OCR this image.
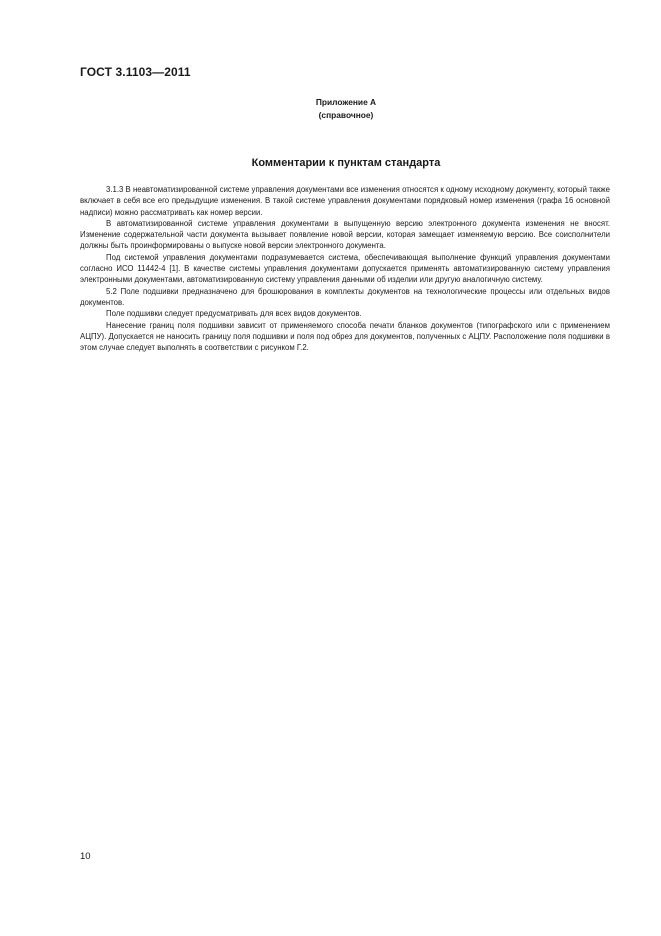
ГОСТ 3.1103—2011
Приложение А
(справочное)
Комментарии к пунктам стандарта

3.1.3 В неавтоматизированной системе управления документами все изменения относятся к одному исходному документу, который также включает в себя все его предыдущие изменения. В такой системе управления документами порядковый номер изменения (графа 16 основной надписи) можно рассматривать как номер версии.

В автоматизированной системе управления документами в выпущенную версию электронного документа изменения не вносят. Изменение содержательной части документа вызывает появление новой версии, которая замещает изменяемую версию. Все соисполнители должны быть проинформированы о выпуске новой версии электронного документа.

Под системой управления документами подразумевается система, обеспечивающая выполнение функций управления документами согласно ИСО 11442-4 [1]. В качестве системы управления документами допускается применять автоматизированную систему управления электронными документами, автоматизированную систему управления данными об изделии или другую аналогичную систему.

5.2 Поле подшивки предназначено для брошюрования в комплекты документов на технологические процессы или отдельных видов документов.

Поле подшивки следует предусматривать для всех видов документов.

Нанесение границ поля подшивки зависит от применяемого способа печати бланков документов (типографского или с применением АЦПУ). Допускается не наносить границу поля подшивки и поля под обрез для документов, полученных с АЦПУ. Расположение поля подшивки в этом случае следует выполнять в соответствии с рисунком Г.2.

10
